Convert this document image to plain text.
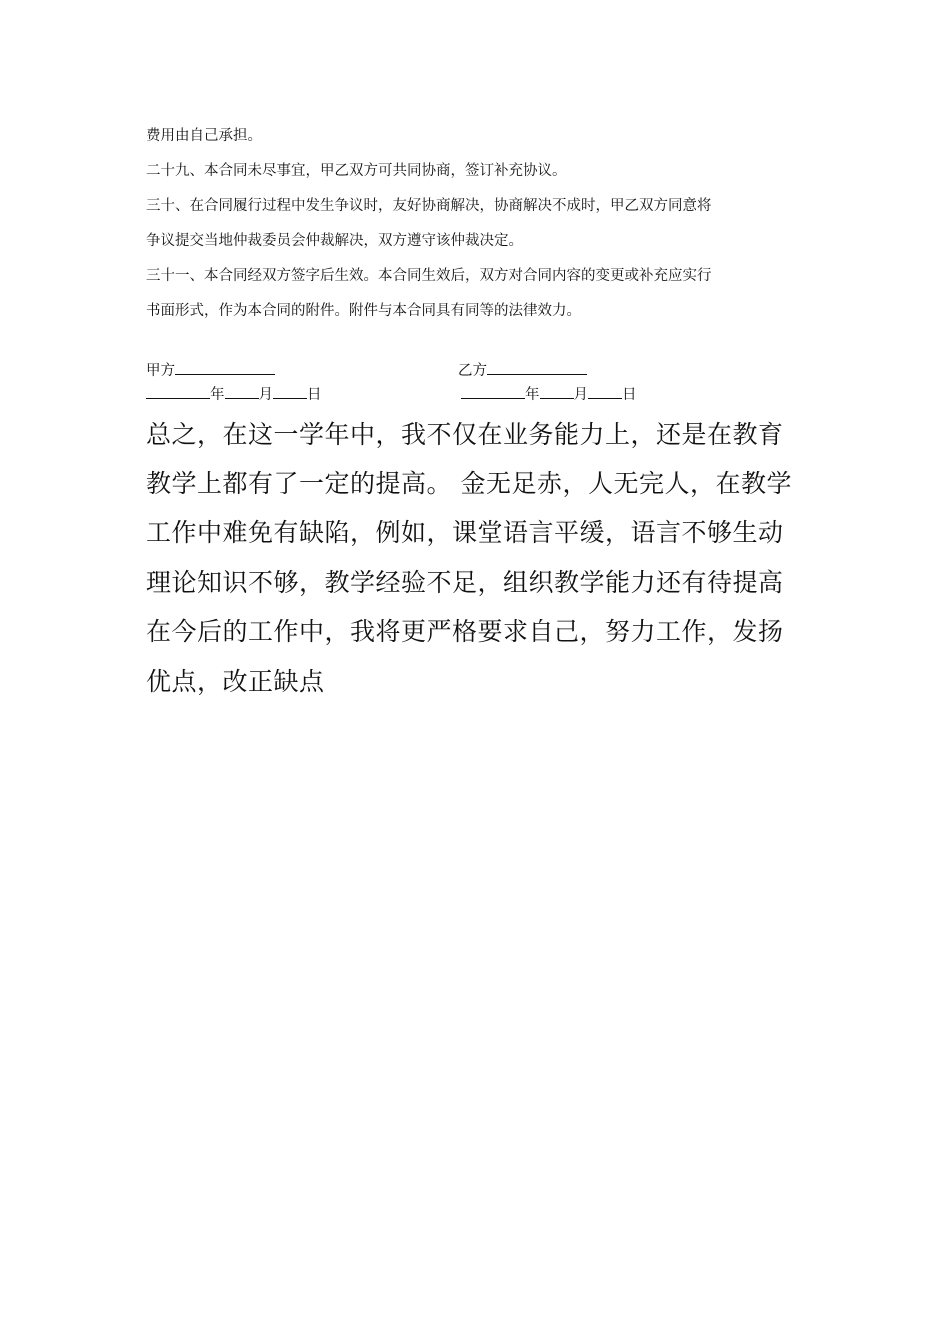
费用由自己承担。
二十九、本合同未尽事宜，甲乙双方可共同协商，签订补充协议。
三十、在合同履行过程中发生争议时，友好协商解决，协商解决不成时，甲乙双方同意将
争议提交当地仲裁委员会仲裁解决，双方遵守该仲裁决定。
三十一、本合同经双方签字后生效。本合同生效后，双方对合同内容的变更或补充应实行
书面形式，作为本合同的附件。附件与本合同具有同等的法律效力。
甲方
年 月 日
乙方
年 月 日
总之，在这一学年中，我不仅在业务能力上，还是在教育
教学上都有了一定的提高。 金无足赤，人无完人，在教学
工作中难免有缺陷，例如，课堂语言平缓，语言不够生动
理论知识不够，教学经验不足，组织教学能力还有待提高
在今后的工作中，我将更严格要求自己，努力工作，发扬
优点，改正缺点
